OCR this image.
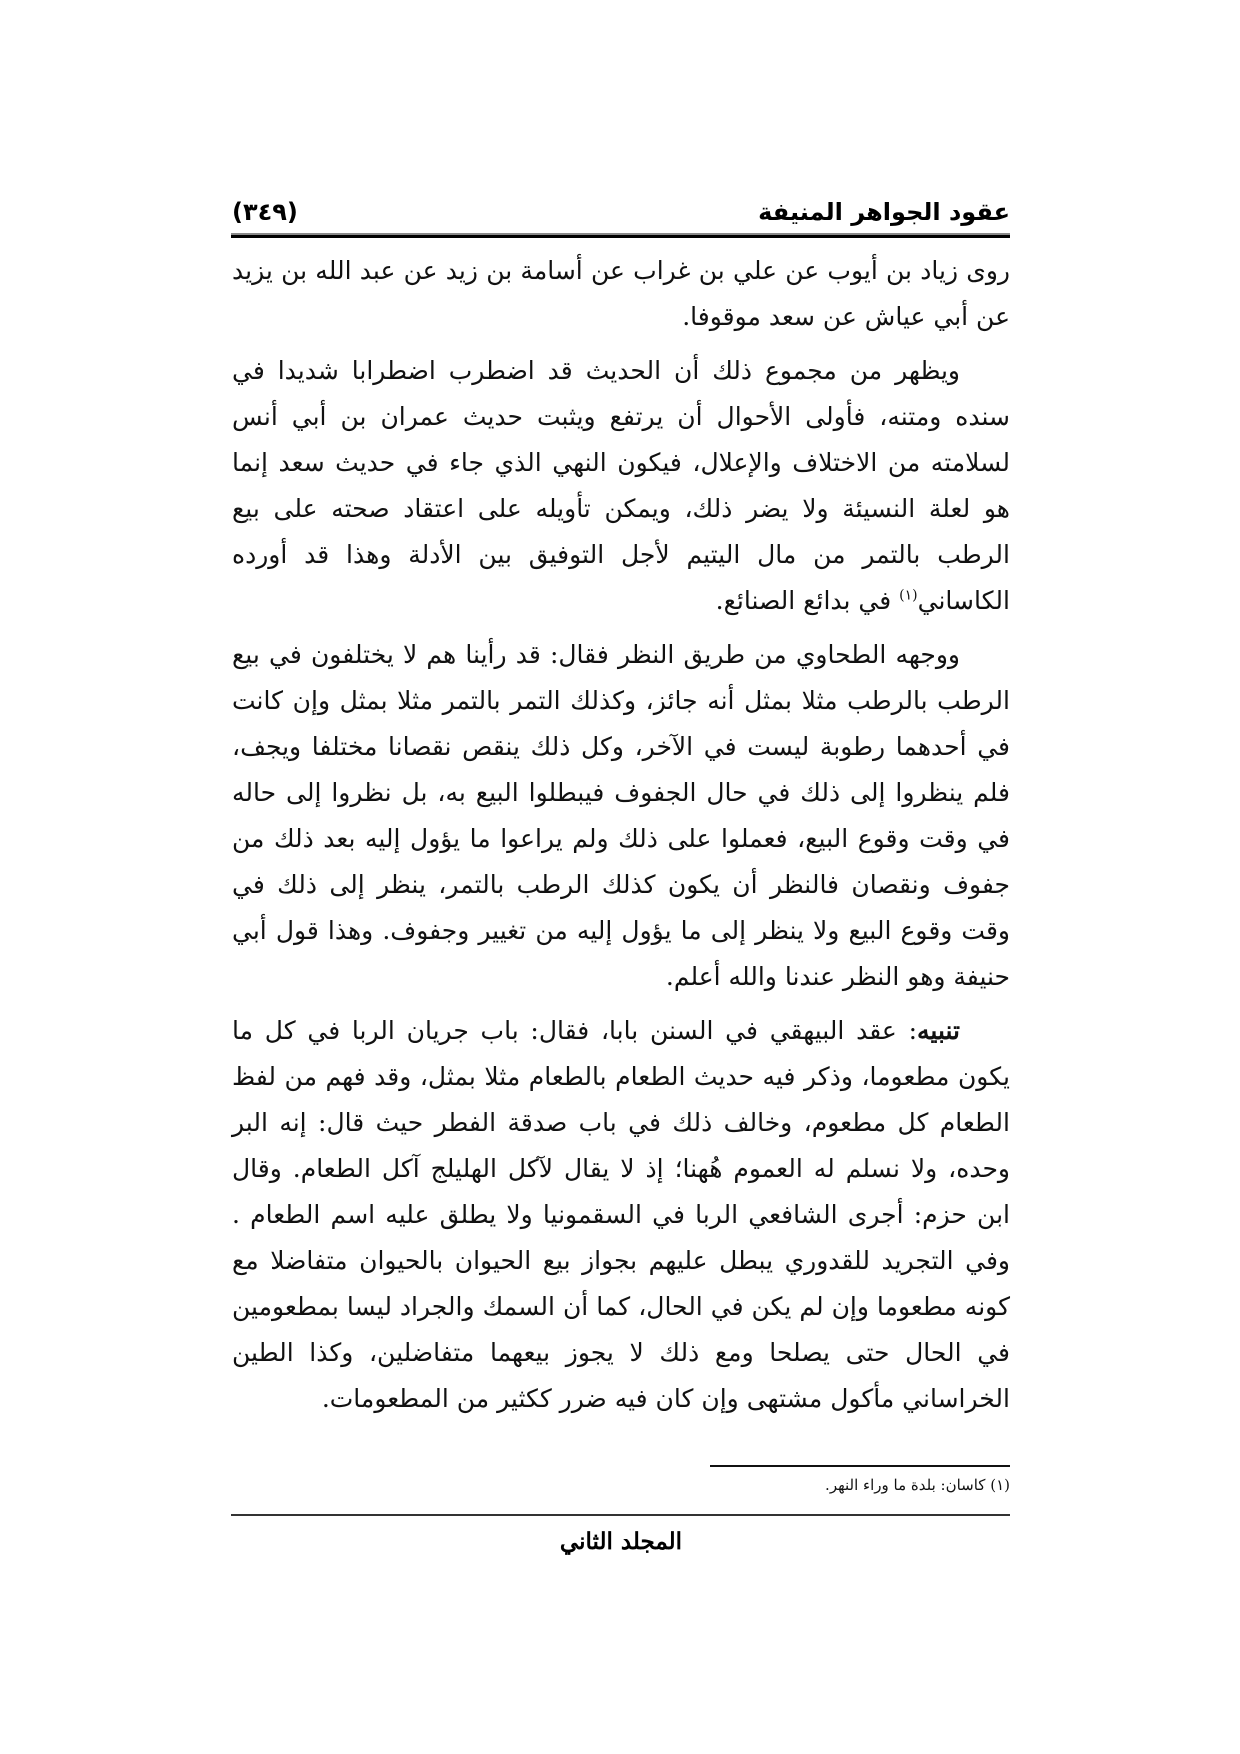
عقود الجواهر المنيفة
(٣٤٩)

روى زياد بن أيوب عن علي بن غراب عن أسامة بن زيد عن عبد الله بن يزيد عن أبي عياش عن سعد موقوفا.

ويظهر من مجموع ذلك أن الحديث قد اضطرب اضطرابا شديدا في سنده ومتنه، فأولى الأحوال أن يرتفع ويثبت حديث عمران بن أبي أنس لسلامته من الاختلاف والإعلال، فيكون النهي الذي جاء في حديث سعد إنما هو لعلة النسيئة ولا يضر ذلك، ويمكن تأويله على اعتقاد صحته على بيع الرطب بالتمر من مال اليتيم لأجل التوفيق بين الأدلة وهذا قد أورده الكاساني$^{(١)}$ في بدائع الصنائع.

ووجهه الطحاوي من طريق النظر فقال: قد رأينا هم لا يختلفون في بيع الرطب بالرطب مثلا بمثل أنه جائز، وكذلك التمر بالتمر مثلا بمثل وإن كانت في أحدهما رطوبة ليست في الآخر، وكل ذلك ينقص نقصانا مختلفا ويجف، فلم ينظروا إلى ذلك في حال الجفوف فيبطلوا البيع به، بل نظروا إلى حاله في وقت وقوع البيع، فعملوا على ذلك ولم يراعوا ما يؤول إليه بعد ذلك من جفوف ونقصان فالنظر أن يكون كذلك الرطب بالتمر، ينظر إلى ذلك في وقت وقوع البيع ولا ينظر إلى ما يؤول إليه من تغيير وجفوف. وهذا قول أبي حنيفة وهو النظر عندنا والله أعلم.

تنبيه: عقد البيهقي في السنن بابا، فقال: باب جريان الربا في كل ما يكون مطعوما، وذكر فيه حديث الطعام بالطعام مثلا بمثل، وقد فهم من لفظ الطعام كل مطعوم، وخالف ذلك في باب صدقة الفطر حيث قال: إنه البر وحده، ولا نسلم له العموم هُهنا؛ إذ لا يقال لآكل الهليلج آكل الطعام. وقال ابن حزم: أجرى الشافعي الربا في السقمونيا ولا يطلق عليه اسم الطعام . وفي التجريد للقدوري يبطل عليهم بجواز بيع الحيوان بالحيوان متفاضلا مع كونه مطعوما وإن لم يكن في الحال، كما أن السمك والجراد ليسا بمطعومين في الحال حتى يصلحا ومع ذلك لا يجوز بيعهما متفاضلين، وكذا الطين الخراساني مأكول مشتهى وإن كان فيه ضرر ككثير من المطعومات.

(١) كاسان: بلدة ما وراء النهر.
المجلد الثاني
